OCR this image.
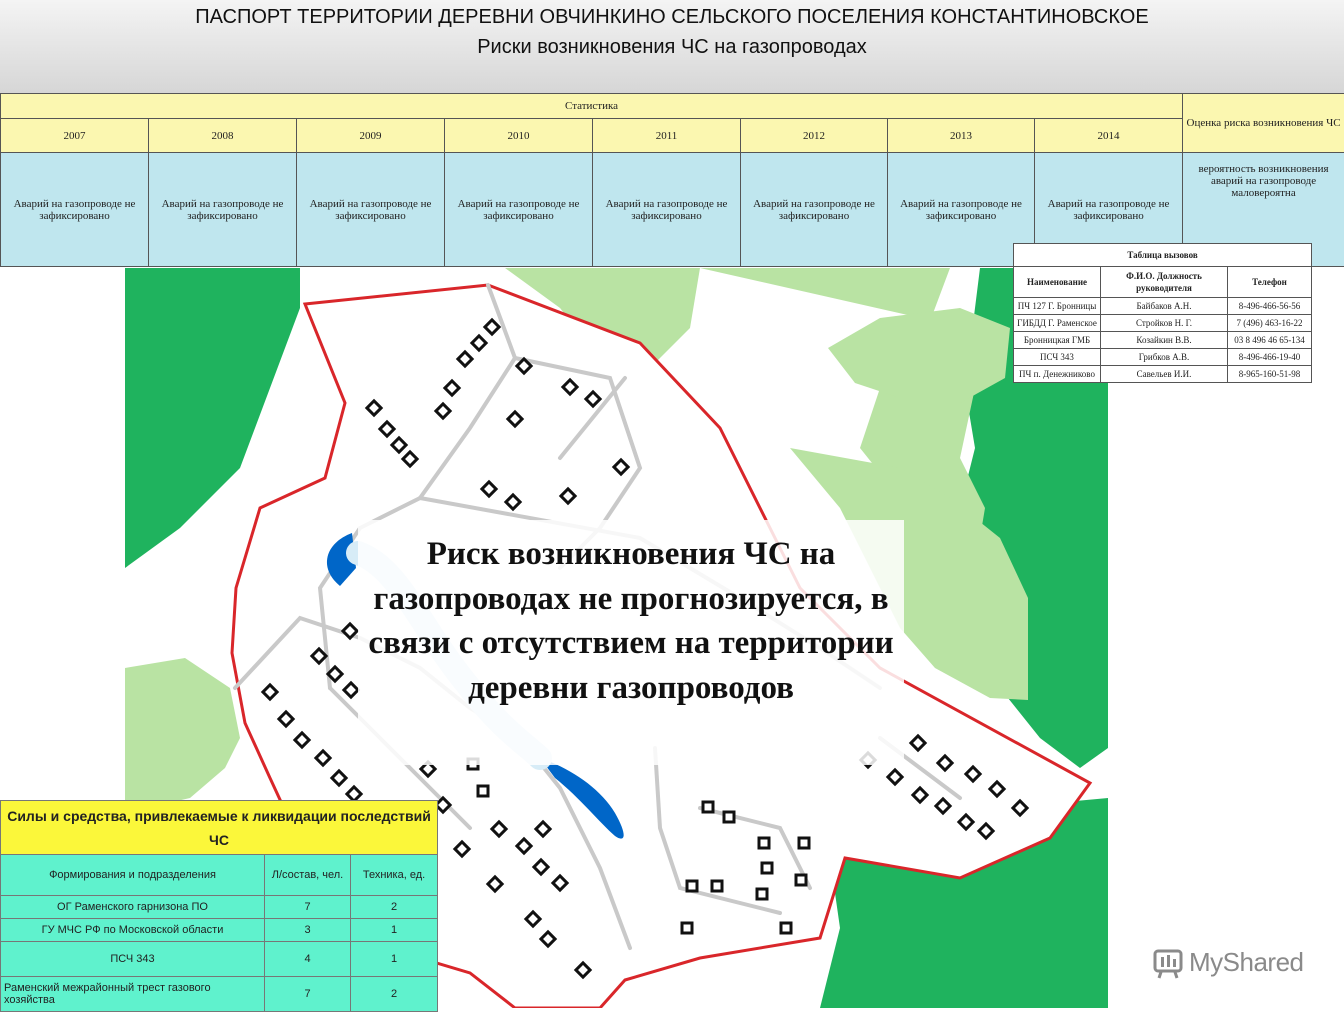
ПАСПОРТ ТЕРРИТОРИИ ДЕРЕВНИ ОВЧИНКИНО СЕЛЬСКОГО ПОСЕЛЕНИЯ КОНСТАНТИНОВСКОЕ
Риски возникновения ЧС на газопроводах
Статистика								Оценка риска возникновения ЧС
2007	2008	2009	2010	2011	2012	2013	2014	
Аварий на газопроводе не зафиксировано	Аварий на газопроводе не зафиксировано	Аварий на газопроводе не зафиксировано	Аварий на газопроводе не зафиксировано	Аварий на газопроводе не зафиксировано	Аварий на газопроводе не зафиксировано	Аварий на газопроводе не зафиксировано	Аварий на газопроводе не зафиксировано	вероятность возникновения аварий на газопроводе маловероятна
Таблица вызовов		
Наименование	Ф.И.О. Должность руководителя	Телефон
ПЧ 127 Г. Бронницы	Байбаков А.Н.	8-496-466-56-56
ГИБДД Г. Раменское	Стройков Н. Г.	7 (496) 463-16-22
Бронницкая ГМБ	Козайкин В.В.	03 8 496 46 65-134
ПСЧ 343	Грибков А.В.	8-496-466-19-40
ПЧ п. Денежниково	Савельев И.И.	8-965-160-51-98

Риск возникновения ЧС на газопроводах не прогнозируется, в связи с отсутствием на территории деревни газопроводов

Силы и средства, привлекаемые к ликвидации последствий ЧС		
Формирования и подразделения	Л/состав, чел.	Техника, ед.
ОГ Раменского гарнизона ПО	7	2
ГУ МЧС РФ по Московской области	3	1
ПСЧ 343	4	1
Раменский межрайонный трест газового хозяйства	7	2
MyShared
